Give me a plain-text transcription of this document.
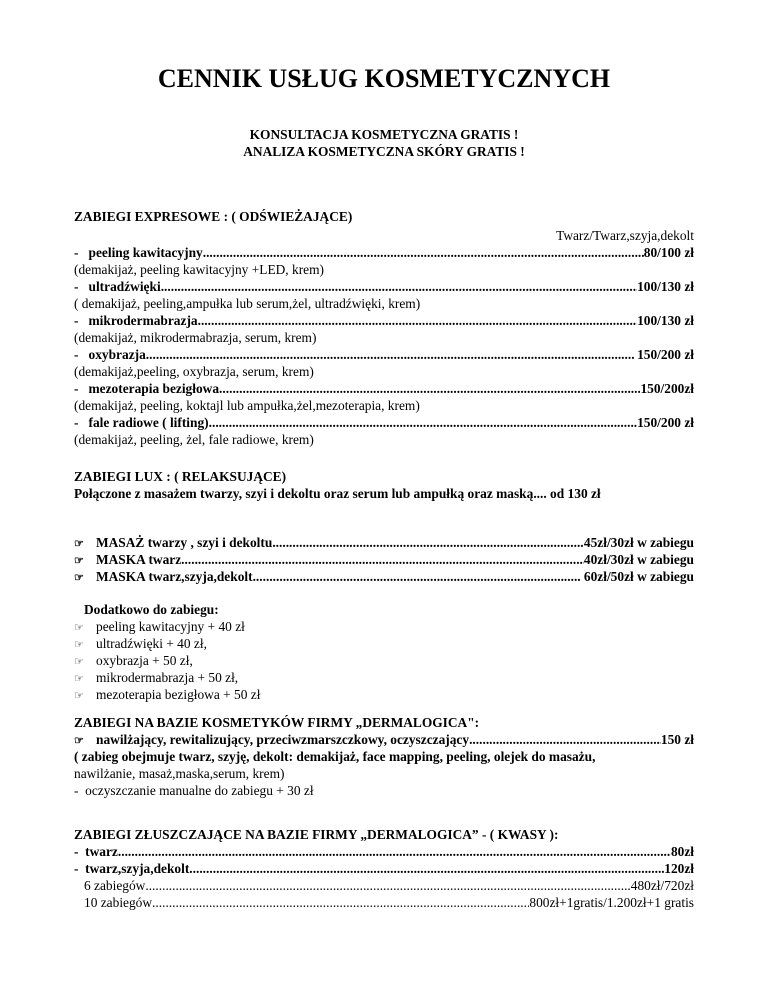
CENNIK USŁUG KOSMETYCZNYCH
KONSULTACJA KOSMETYCZNA GRATIS !
ANALIZA KOSMETYCZNA SKÓRY GRATIS !
ZABIEGI EXPRESOWE : ( ODŚWIEŻAJĄCE)
Twarz/Twarz,szyja,dekolt
- peeling kawitacyjny .....	80/100 zł
(demakijaż, peeling kawitacyjny +LED, krem)
- ultradźwięki .....	100/130 zł
( demakijaż, peeling,ampułka lub serum,żel, ultradźwięki, krem)
- mikrodermabrazja .....	100/130 zł
(demakijaż, mikrodermabrazja, serum, krem)
- oxybrazja .....	150/200 zł
(demakijaż,peeling, oxybrazja, serum, krem)
- mezoterapia bezigłowa .....	150/200zł
(demakijaż, peeling, koktajl lub ampułka,żel,mezoterapia, krem)
- fale radiowe ( lifting) .....	150/200 zł
(demakijaż, peeling, żel, fale radiowe, krem)
ZABIEGI LUX : ( RELAKSUJĄCE)
Połączone z masażem twarzy, szyi i dekoltu oraz serum lub ampułką oraz maską.... od 130 zł
☞ MASAŻ twarzy , szyi i dekoltu .....	45zł/30zł w zabiegu
☞ MASKA twarz .....	40zł/30zł w zabiegu
☞ MASKA twarz,szyja,dekolt .....	60zł/50zł w zabiegu
Dodatkowo do zabiegu:
☞ peeling kawitacyjny + 40 zł
☞ ultradźwięki + 40 zł,
☞ oxybrazja + 50 zł,
☞ mikrodermabrazja + 50 zł,
☞ mezoterapia bezigłowa + 50 zł
ZABIEGI NA BAZIE KOSMETYKÓW FIRMY „DERMALOGICA":
☞ nawilżający, rewitalizujący, przeciwzmarszczkowy, oczyszczający .....	150 zł
( zabieg obejmuje twarz, szyję, dekolt: demakijaż, face mapping, peeling, olejek do masażu,
nawilżanie, masaż,maska,serum, krem)
-  oczyszczanie manualne do zabiegu + 30 zł
ZABIEGI ZŁUSZCZAJĄCE NA BAZIE FIRMY „DERMALOGICA” - ( KWASY ):
-  twarz .....	80zł
-  twarz,szyja,dekolt .....	120zł
6 zabiegów .....	480zł/720zł
10 zabiegów .....	800zł+1gratis/1.200zł+1 gratis
